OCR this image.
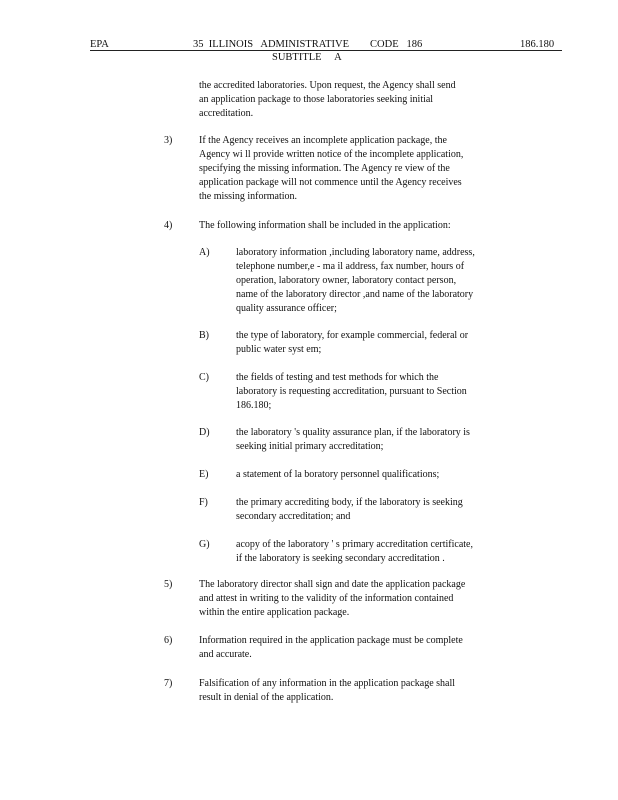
EPA	35  ILLINOIS   ADMINISTRATIVE        CODE   186	186.180
SUBTITLE     A
the accredited laboratories. Upon request, the Agency shall send
an application package to those laboratories seeking initial
accreditation.
3)	If the Agency receives an incomplete application package, the
Agency wi ll provide written notice of the incomplete application,
specifying the missing information. The Agency re view of the
application package will not commence until the Agency receives
the missing information.
4)	The following information shall be included in the application:
A)	laboratory information ,including laboratory name, address,
telephone number,e - ma il address, fax number, hours of
operation, laboratory owner, laboratory contact person,
name of the laboratory director ,and name of the laboratory
quality assurance officer;
B)	the type of laboratory, for example commercial, federal or
public water syst em;
C)	the fields of testing and test methods for which the
laboratory is requesting accreditation, pursuant to Section
186.180;
D)	the laboratory 's quality assurance plan, if the laboratory is
seeking initial primary accreditation;
E)	a statement of la boratory personnel qualifications;
F)	the primary accrediting body, if the laboratory is seeking
secondary accreditation; and
G)	acopy of the laboratory ' s primary accreditation certificate,
if the laboratory is seeking secondary accreditation .
5)	The laboratory director shall sign and date the application package
and attest in writing to the validity of the information contained
within the entire application package.
6)	Information required in the application package must be complete
and accurate.
7)	Falsification of any information in the application package shall
result in denial of the application.
